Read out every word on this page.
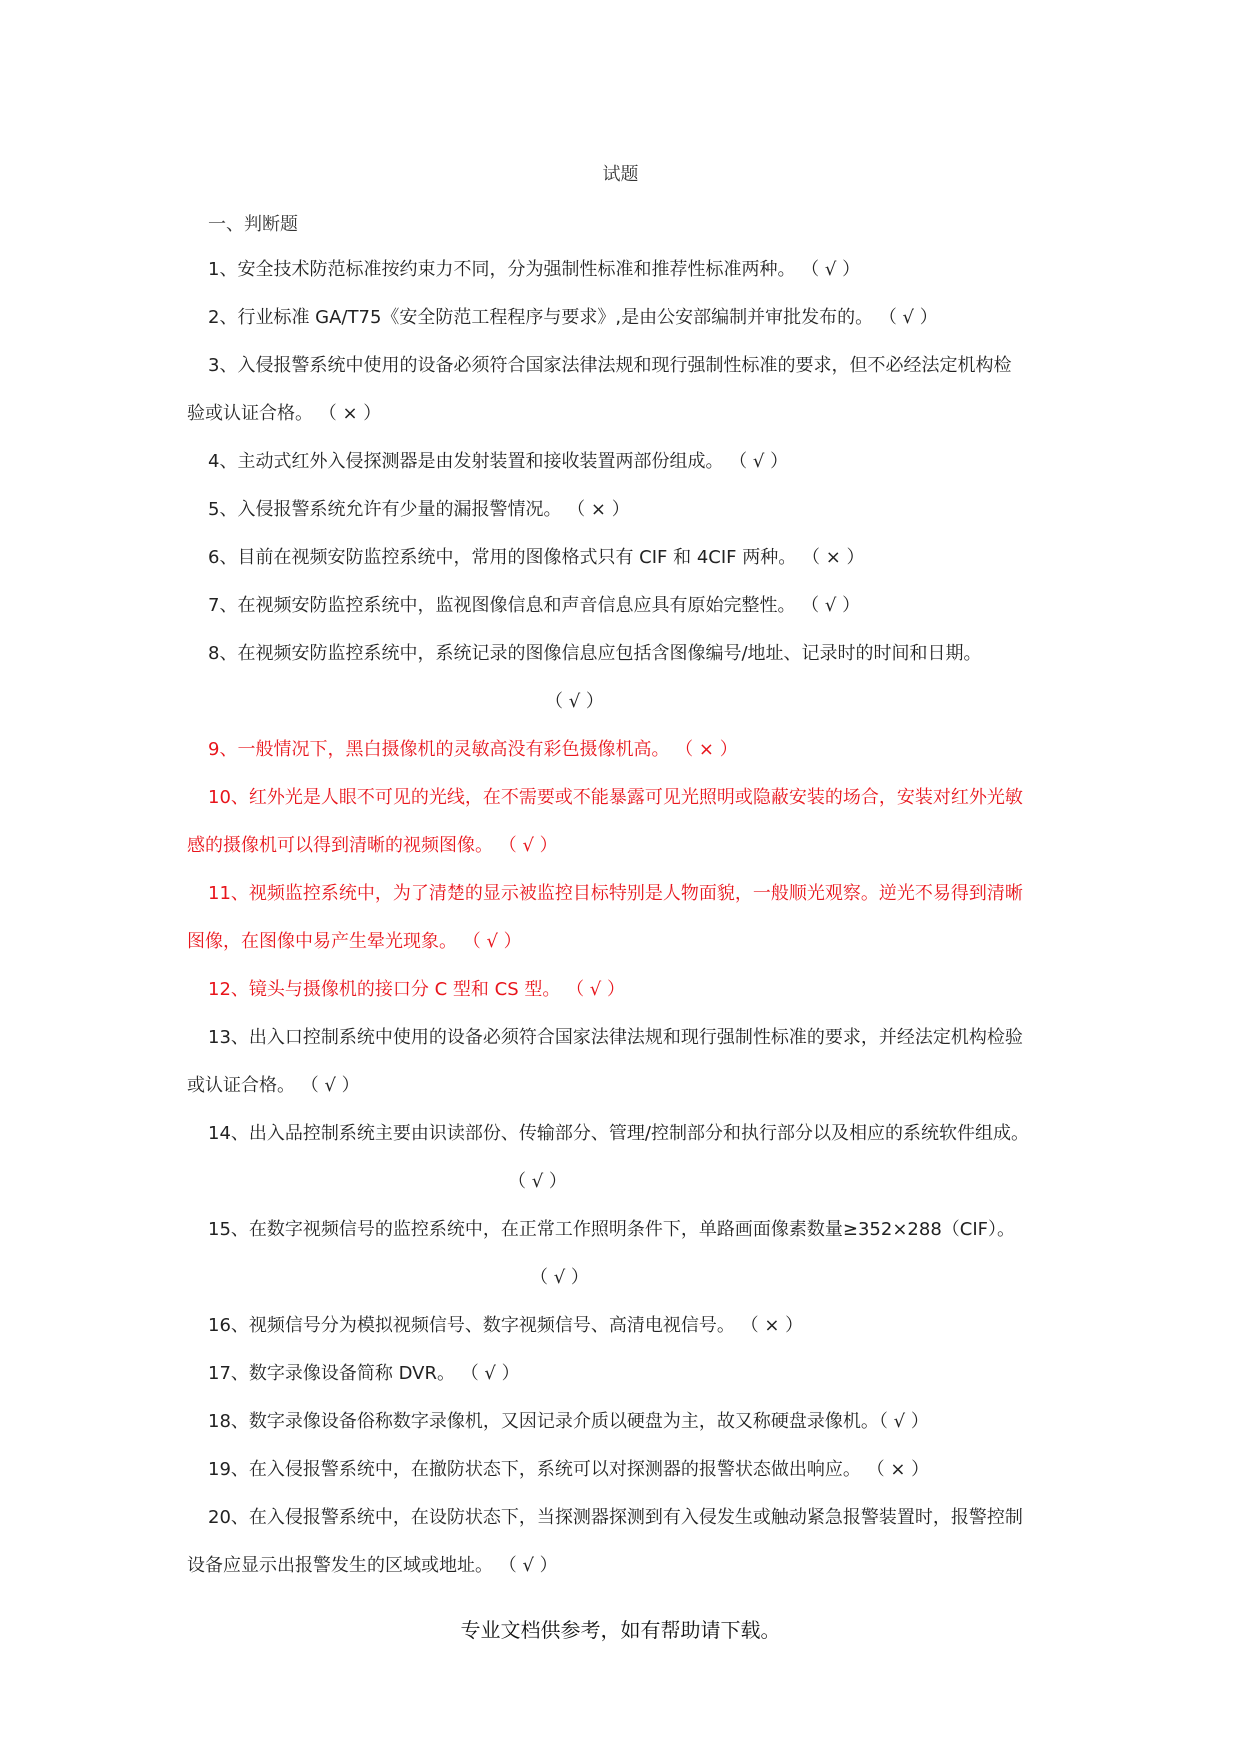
试题
一、判断题
1、安全技术防范标准按约束力不同，分为强制性标准和推荐性标准两种。 （ √ ）
2、行业标准 GA/T75《安全防范工程程序与要求》,是由公安部编制并审批发布的。 （ √ ）
3、入侵报警系统中使用的设备必须符合国家法律法规和现行强制性标准的要求，但不必经法定机构检
验或认证合格。 （ × ）
4、主动式红外入侵探测器是由发射装置和接收装置两部份组成。 （ √ ）
5、入侵报警系统允许有少量的漏报警情况。 （ × ）
6、目前在视频安防监控系统中，常用的图像格式只有 CIF 和 4CIF 两种。 （ × ）
7、在视频安防监控系统中，监视图像信息和声音信息应具有原始完整性。 （ √ ）
8、在视频安防监控系统中，系统记录的图像信息应包括含图像编号/地址、记录时的时间和日期。
（ √ ）
9、一般情况下，黑白摄像机的灵敏高没有彩色摄像机高。 （ × ）
10、红外光是人眼不可见的光线，在不需要或不能暴露可见光照明或隐蔽安装的场合，安装对红外光敏
感的摄像机可以得到清晰的视频图像。 （ √ ）
11、视频监控系统中，为了清楚的显示被监控目标特别是人物面貌，一般顺光观察。逆光不易得到清晰
图像，在图像中易产生晕光现象。 （ √ ）
12、镜头与摄像机的接口分 C 型和 CS 型。 （ √ ）
13、出入口控制系统中使用的设备必须符合国家法律法规和现行强制性标准的要求，并经法定机构检验
或认证合格。 （ √ ）
14、出入品控制系统主要由识读部份、传输部分、管理/控制部分和执行部分以及相应的系统软件组成。
（ √ ）
15、在数字视频信号的监控系统中，在正常工作照明条件下，单路画面像素数量≥352×288（CIF）。
（ √ ）
16、视频信号分为模拟视频信号、数字视频信号、高清电视信号。 （ × ）
17、数字录像设备简称 DVR。 （ √ ）
18、数字录像设备俗称数字录像机，又因记录介质以硬盘为主，故又称硬盘录像机。（ √ ）
19、在入侵报警系统中，在撤防状态下，系统可以对探测器的报警状态做出响应。 （ × ）
20、在入侵报警系统中，在设防状态下，当探测器探测到有入侵发生或触动紧急报警装置时，报警控制
设备应显示出报警发生的区域或地址。 （ √ ）
专业文档供参考，如有帮助请下载。
